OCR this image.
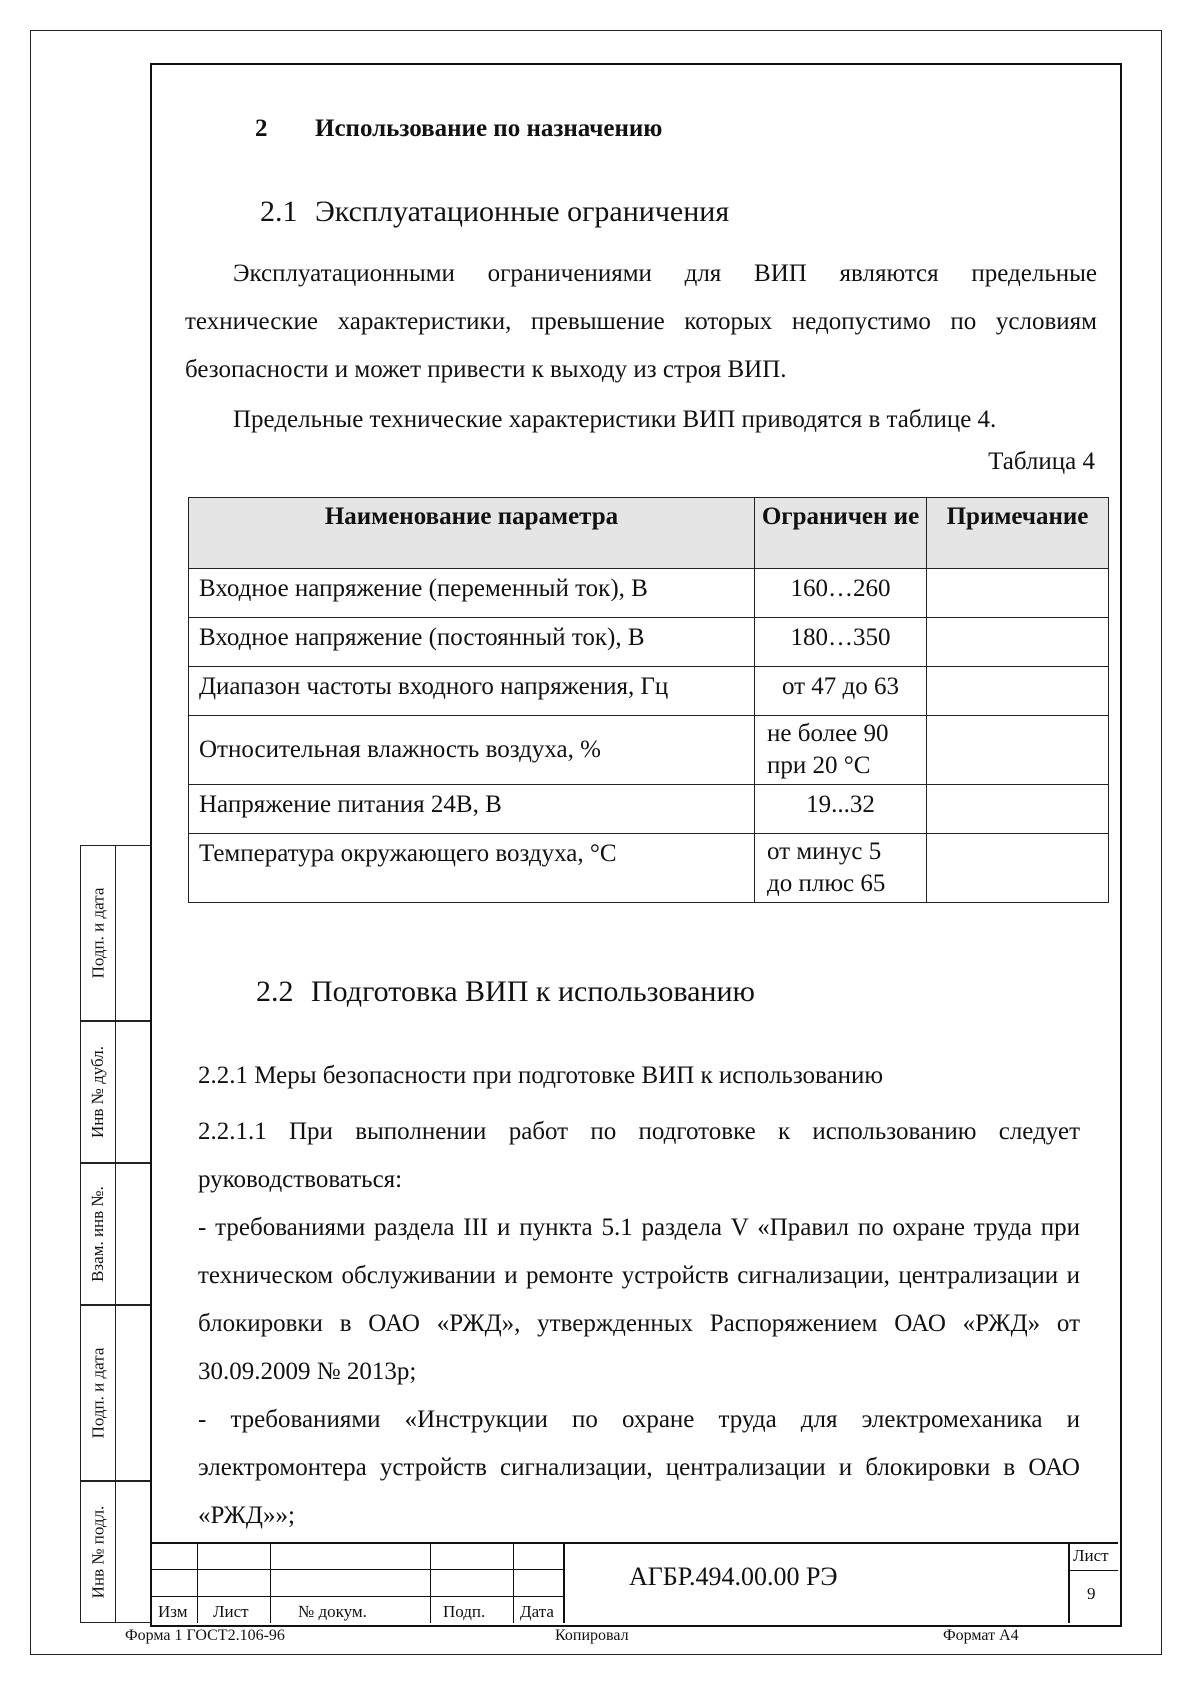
2 Использование по назначению
2.1 Эксплуатационные ограничения
Эксплуатационными ограничениями для ВИП являются предельные технические характеристики, превышение которых недопустимо по условиям безопасности и может привести к выходу из строя ВИП.
Предельные технические характеристики ВИП приводятся в таблице 4.
Таблица 4
Наименование параметра	Ограничен ие	Примечание
Входное напряжение (переменный ток), В	160…260	
Входное напряжение (постоянный ток), В	180…350	
Диапазон частоты входного напряжения, Гц	от 47 до 63	
Относительная влажность воздуха, %	не более 90
при 20 °С	

Напряжение питания 24В, В	19...32	
Температура окружающего воздуха, °С	от минус 5
до плюс 65	

2.2 Подготовка ВИП к использованию
2.2.1 Меры безопасности при подготовке ВИП к использованию
2.2.1.1 При выполнении работ по подготовке к использованию следует руководствоваться:
- требованиями раздела III и пункта 5.1 раздела V «Правил по охране труда при техническом обслуживании и ремонте устройств сигнализации, централизации и блокировки в ОАО «РЖД», утвержденных Распоряжением ОАО «РЖД» от 30.09.2009 № 2013р;
- требованиями «Инструкции по охране труда для электромеханика и электромонтера устройств сигнализации, централизации и блокировки в ОАО «РЖД»»;
Подп. и дата
Инв № дубл.
Взам. инв №.
Подп. и дата
Инв № подл.
Изм Лист	№ докум.	Подп. Дата
АГБР.494.00.00 РЭ
Лист
9
Форма 1 ГОСТ2.106-96	Копировал	Формат А4
